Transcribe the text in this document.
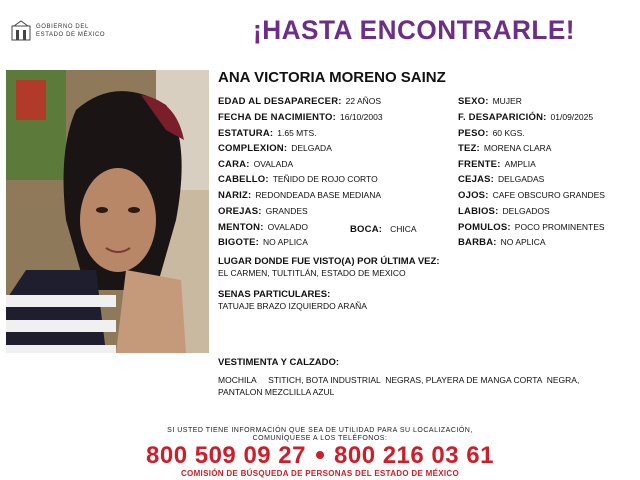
GOBIERNO DEL
ESTADO DE MÉXICO	¡HASTA ENCONTRARLE!
ANA VICTORIA MORENO SAINZ
EDAD AL DESAPARECER: 22 AÑOS
FECHA DE NACIMIENTO: 16/10/2003
ESTATURA: 1.65 MTS.
COMPLEXION: DELGADA
CARA: OVALADA
CABELLO: TEÑIDO DE ROJO CORTO
NARIZ: REDONDEADA BASE MEDIANA
OREJAS: GRANDES
MENTON: OVALADO
BIGOTE: NO APLICA
BOCA: CHICA
SEXO: MUJER
F. DESAPARICIÓN: 01/09/2025
PESO: 60 KGS.
TEZ: MORENA CLARA
FRENTE: AMPLIA
CEJAS: DELGADAS
OJOS: CAFE OBSCURO GRANDES
LABIOS: DELGADOS
POMULOS: POCO PROMINENTES
BARBA: NO APLICA
LUGAR DONDE FUE VISTO(A) POR ÚLTIMA VEZ:
EL CARMEN, TULTITLÁN, ESTADO DE MEXICO
SENAS PARTICULARES:
TATUAJE BRAZO IZQUIERDO ARAÑA
VESTIMENTA Y CALZADO:
MOCHILA     STITICH, BOTA INDUSTRIAL  NEGRAS, PLAYERA DE MANGA CORTA  NEGRA,
PANTALON MEZCLILLA AZUL
SI USTED TIENE INFORMACIÓN QUE SEA DE UTILIDAD PARA SU LOCALIZACIÓN,
COMUNÍQUESE A LOS TELÉFONOS:
800 509 09 27 800 216 03 61
COMISIÓN DE BÚSQUEDA DE PERSONAS DEL ESTADO DE MÉXICO
